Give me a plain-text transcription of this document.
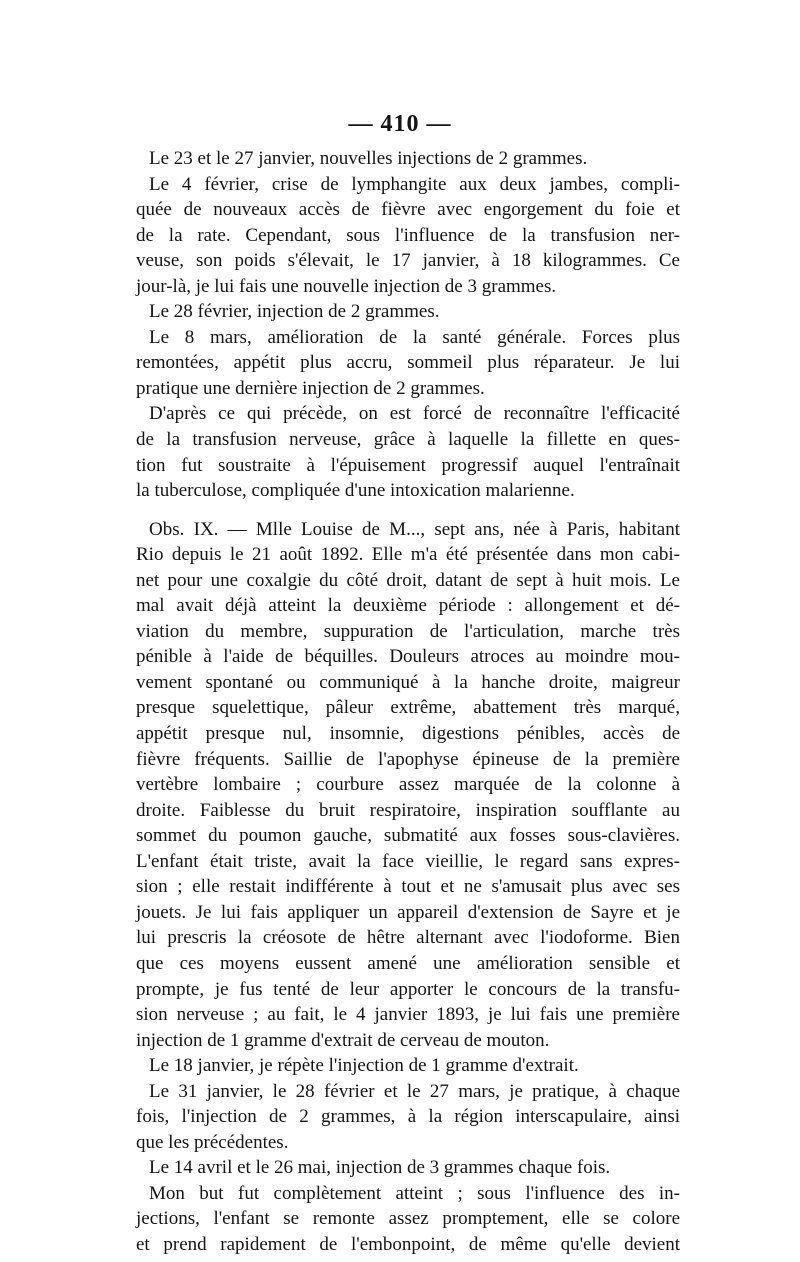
— 410 —
Le 23 et le 27 janvier, nouvelles injections de 2 grammes.
Le 4 février, crise de lymphangite aux deux jambes, compli-
quée de nouveaux accès de fièvre avec engorgement du foie et
de la rate. Cependant, sous l'influence de la transfusion ner-
veuse, son poids s'élevait, le 17 janvier, à 18 kilogrammes. Ce
jour-là, je lui fais une nouvelle injection de 3 grammes.
Le 28 février, injection de 2 grammes.
Le 8 mars, amélioration de la santé générale. Forces plus
remontées, appétit plus accru, sommeil plus réparateur. Je lui
pratique une dernière injection de 2 grammes.
D'après ce qui précède, on est forcé de reconnaître l'efficacité
de la transfusion nerveuse, grâce à laquelle la fillette en ques-
tion fut soustraite à l'épuisement progressif auquel l'entraînait
la tuberculose, compliquée d'une intoxication malarienne.
Obs. IX. — Mlle Louise de M..., sept ans, née à Paris, habitant
Rio depuis le 21 août 1892. Elle m'a été présentée dans mon cabi-
net pour une coxalgie du côté droit, datant de sept à huit mois. Le
mal avait déjà atteint la deuxième période : allongement et dé-
viation du membre, suppuration de l'articulation, marche très
pénible à l'aide de béquilles. Douleurs atroces au moindre mou-
vement spontané ou communiqué à la hanche droite, maigreur
presque squelettique, pâleur extrême, abattement très marqué,
appétit presque nul, insomnie, digestions pénibles, accès de
fièvre fréquents. Saillie de l'apophyse épineuse de la première
vertèbre lombaire ; courbure assez marquée de la colonne à
droite. Faiblesse du bruit respiratoire, inspiration soufflante au
sommet du poumon gauche, submatité aux fosses sous-clavières.
L'enfant était triste, avait la face vieillie, le regard sans expres-
sion ; elle restait indifférente à tout et ne s'amusait plus avec ses
jouets. Je lui fais appliquer un appareil d'extension de Sayre et je
lui prescris la créosote de hêtre alternant avec l'iodoforme. Bien
que ces moyens eussent amené une amélioration sensible et
prompte, je fus tenté de leur apporter le concours de la transfu-
sion nerveuse ; au fait, le 4 janvier 1893, je lui fais une première
injection de 1 gramme d'extrait de cerveau de mouton.
Le 18 janvier, je répète l'injection de 1 gramme d'extrait.
Le 31 janvier, le 28 février et le 27 mars, je pratique, à chaque
fois, l'injection de 2 grammes, à la région interscapulaire, ainsi
que les précédentes.
Le 14 avril et le 26 mai, injection de 3 grammes chaque fois.
Mon but fut complètement atteint ; sous l'influence des in-
jections, l'enfant se remonte assez promptement, elle se colore
et prend rapidement de l'embonpoint, de même qu'elle devient
